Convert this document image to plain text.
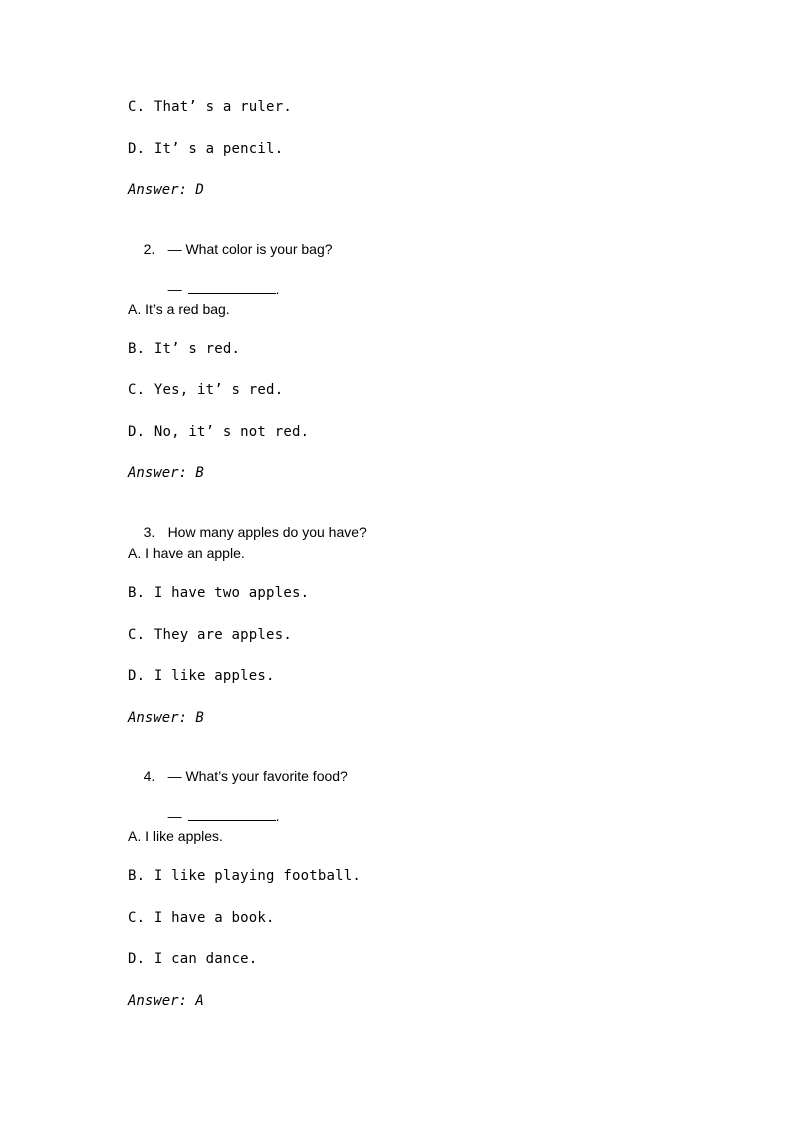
C. That’ s a ruler.
D. It’ s a pencil.
Answer: D

2. — What color is your bag?

—	.

A. It’s a red bag.
B. It’ s red.
C. Yes, it’ s red.
D. No, it’ s not red.
Answer: B

3. How many apples do you have?

A. I have an apple.
B. I have two apples.
C. They are apples.
D. I like apples.
Answer: B

4. — What’s your favorite food?

—	.

A. I like apples.
B. I like playing football.
C. I have a book.
D. I can dance.
Answer: A
